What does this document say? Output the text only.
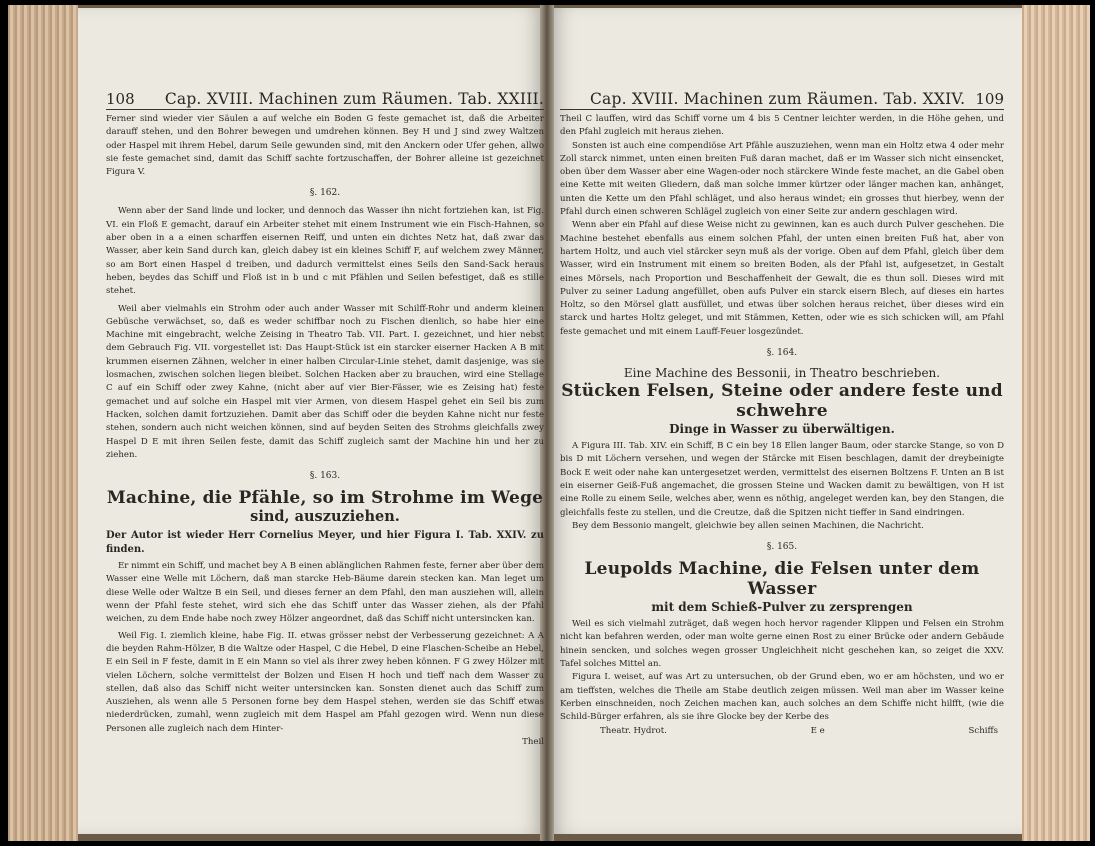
108 Cap. XVIII. Machinen zum Räumen. Tab. XXIII.

Ferner sind wieder vier Säulen a auf welche ein Boden G feste gemachet ist, daß die Arbeiter darauff stehen, und den Bohrer bewegen und umdrehen können. Bey H und J sind zwey Waltzen oder Haspel mit ihrem Hebel, darum Seile gewunden sind, mit den Anckern oder Ufer gehen, allwo sie feste gemachet sind, damit das Schiff sachte fortzuschaffen, der Bohrer alleine ist gezeichnet Figura V.

§. 162.

Wenn aber der Sand linde und locker, und dennoch das Wasser ihn nicht fortziehen kan, ist Fig. VI. ein Floß E gemacht, darauf ein Arbeiter stehet mit einem Instrument wie ein Fisch-Hahnen, so aber oben in a a einen scharffen eisernen Reiff, und unten ein dichtes Netz hat, daß zwar das Wasser, aber kein Sand durch kan, gleich dabey ist ein kleines Schiff F, auf welchem zwey Männer, so am Bort einen Haspel d treiben, und dadurch vermittelst eines Seils den Sand-Sack heraus heben, beydes das Schiff und Floß ist in b und c mit Pfählen und Seilen befestiget, daß es stille stehet.

Weil aber vielmahls ein Strohm oder auch ander Wasser mit Schilff-Rohr und anderm kleinen Gebüsche verwächset, so, daß es weder schiffbar noch zu Fischen dienlich, so habe hier eine Machine mit eingebracht, welche Zeising in Theatro Tab. VII. Part. I. gezeichnet, und hier nebst dem Gebrauch Fig. VII. vorgestellet ist: Das Haupt-Stück ist ein starcker eiserner Hacken A B mit krummen eisernen Zähnen, welcher in einer halben Circular-Linie stehet, damit dasjenige, was sie losmachen, zwischen solchen liegen bleibet. Solchen Hacken aber zu brauchen, wird eine Stellage C auf ein Schiff oder zwey Kahne, (nicht aber auf vier Bier-Fässer, wie es Zeising hat) feste gemachet und auf solche ein Haspel mit vier Armen, von diesem Haspel gehet ein Seil bis zum Hacken, solchen damit fortzuziehen. Damit aber das Schiff oder die beyden Kahne nicht nur feste stehen, sondern auch nicht weichen können, sind auf beyden Seiten des Strohms gleichfalls zwey Haspel D E mit ihren Seilen feste, damit das Schiff zugleich samt der Machine hin und her zu ziehen.

§. 163.
Machine, die Pfähle, so im Strohme im Wege
sind, auszuziehen.
Der Autor ist wieder Herr Cornelius Meyer, und hier Figura I. Tab. XXIV. zu finden.

Er nimmt ein Schiff, und machet bey A B einen ablänglichen Rahmen feste, ferner aber über dem Wasser eine Welle mit Löchern, daß man starcke Heb-Bäume darein stecken kan. Man leget um diese Welle oder Waltze B ein Seil, und dieses ferner an dem Pfahl, den man ausziehen will, allein wenn der Pfahl feste stehet, wird sich ehe das Schiff unter das Wasser ziehen, als der Pfahl weichen, zu dem Ende habe noch zwey Hölzer angeordnet, daß das Schiff nicht untersincken kan.

Weil Fig. I. ziemlich kleine, habe Fig. II. etwas grösser nebst der Verbesserung gezeichnet: A A die beyden Rahm-Hölzer, B die Waltze oder Haspel, C die Hebel, D eine Flaschen-Scheibe an Hebel, E ein Seil in F feste, damit in E ein Mann so viel als ihrer zwey heben können. F G zwey Hölzer mit vielen Löchern, solche vermittelst der Bolzen und Eisen H hoch und tieff nach dem Wasser zu stellen, daß also das Schiff nicht weiter untersincken kan. Sonsten dienet auch das Schiff zum Ausziehen, als wenn alle 5 Personen forne bey dem Haspel stehen, werden sie das Schiff etwas niederdrücken, zumahl, wenn zugleich mit dem Haspel am Pfahl gezogen wird. Wenn nun diese Personen alle zugleich nach dem Hinter-

Theil
Cap. XVIII. Machinen zum Räumen. Tab. XXIV. 109

Theil C lauffen, wird das Schiff vorne um 4 bis 5 Centner leichter werden, in die Höhe gehen, und den Pfahl zugleich mit heraus ziehen.

Sonsten ist auch eine compendiöse Art Pfähle auszuziehen, wenn man ein Holtz etwa 4 oder mehr Zoll starck nimmet, unten einen breiten Fuß daran machet, daß er im Wasser sich nicht einsencket, oben über dem Wasser aber eine Wagen-oder noch stärckere Winde feste machet, an die Gabel oben eine Kette mit weiten Gliedern, daß man solche immer kürtzer oder länger machen kan, anhänget, unten die Kette um den Pfahl schläget, und also heraus windet; ein grosses thut hierbey, wenn der Pfahl durch einen schweren Schlägel zugleich von einer Seite zur andern geschlagen wird.

Wenn aber ein Pfahl auf diese Weise nicht zu gewinnen, kan es auch durch Pulver geschehen. Die Machine bestehet ebenfalls aus einem solchen Pfahl, der unten einen breiten Fuß hat, aber von hartem Holtz, und auch viel stärcker seyn muß als der vorige. Oben auf dem Pfahl, gleich über dem Wasser, wird ein Instrument mit einem so breiten Boden, als der Pfahl ist, aufgesetzet, in Gestalt eines Mörsels, nach Proportion und Beschaffenheit der Gewalt, die es thun soll. Dieses wird mit Pulver zu seiner Ladung angefüllet, oben aufs Pulver ein starck eisern Blech, auf dieses ein hartes Holtz, so den Mörsel glatt ausfüllet, und etwas über solchen heraus reichet, über dieses wird ein starck und hartes Holtz geleget, und mit Stämmen, Ketten, oder wie es sich schicken will, am Pfahl feste gemachet und mit einem Lauff-Feuer losgezündet.

§. 164.
Eine Machine des Bessonii, in Theatro beschrieben.
Stücken Felsen, Steine oder andere feste und schwehre
Dinge in Wasser zu überwältigen.

A Figura III. Tab. XIV. ein Schiff, B C ein bey 18 Ellen langer Baum, oder starcke Stange, so von D bis D mit Löchern versehen, und wegen der Stärcke mit Eisen beschlagen, damit der dreybeinigte Bock E weit oder nahe kan untergesetzet werden, vermittelst des eisernen Boltzens F. Unten an B ist ein eiserner Geiß-Fuß angemachet, die grossen Steine und Wacken damit zu bewältigen, von H ist eine Rolle zu einem Seile, welches aber, wenn es nöthig, angeleget werden kan, bey den Stangen, die gleichfalls feste zu stellen, und die Creutze, daß die Spitzen nicht tieffer in Sand eindringen.

Bey dem Bessonio mangelt, gleichwie bey allen seinen Machinen, die Nachricht.

§. 165.
Leupolds Machine, die Felsen unter dem Wasser
mit dem Schieß-Pulver zu zersprengen

Weil es sich vielmahl zuträget, daß wegen hoch hervor ragender Klippen und Felsen ein Strohm nicht kan befahren werden, oder man wolte gerne einen Rost zu einer Brücke oder andern Gebäude hinein sencken, und solches wegen grosser Ungleichheit nicht geschehen kan, so zeiget die XXV. Tafel solches Mittel an.

Figura I. weiset, auf was Art zu untersuchen, ob der Grund eben, wo er am höchsten, und wo er am tieffsten, welches die Theile am Stabe deutlich zeigen müssen. Weil man aber im Wasser keine Kerben einschneiden, noch Zeichen machen kan, auch solches an dem Schiffe nicht hilfft, (wie die Schild-Bürger erfahren, als sie ihre Glocke bey der Kerbe des

Theatr. Hydrot.	E e	Schiffs
